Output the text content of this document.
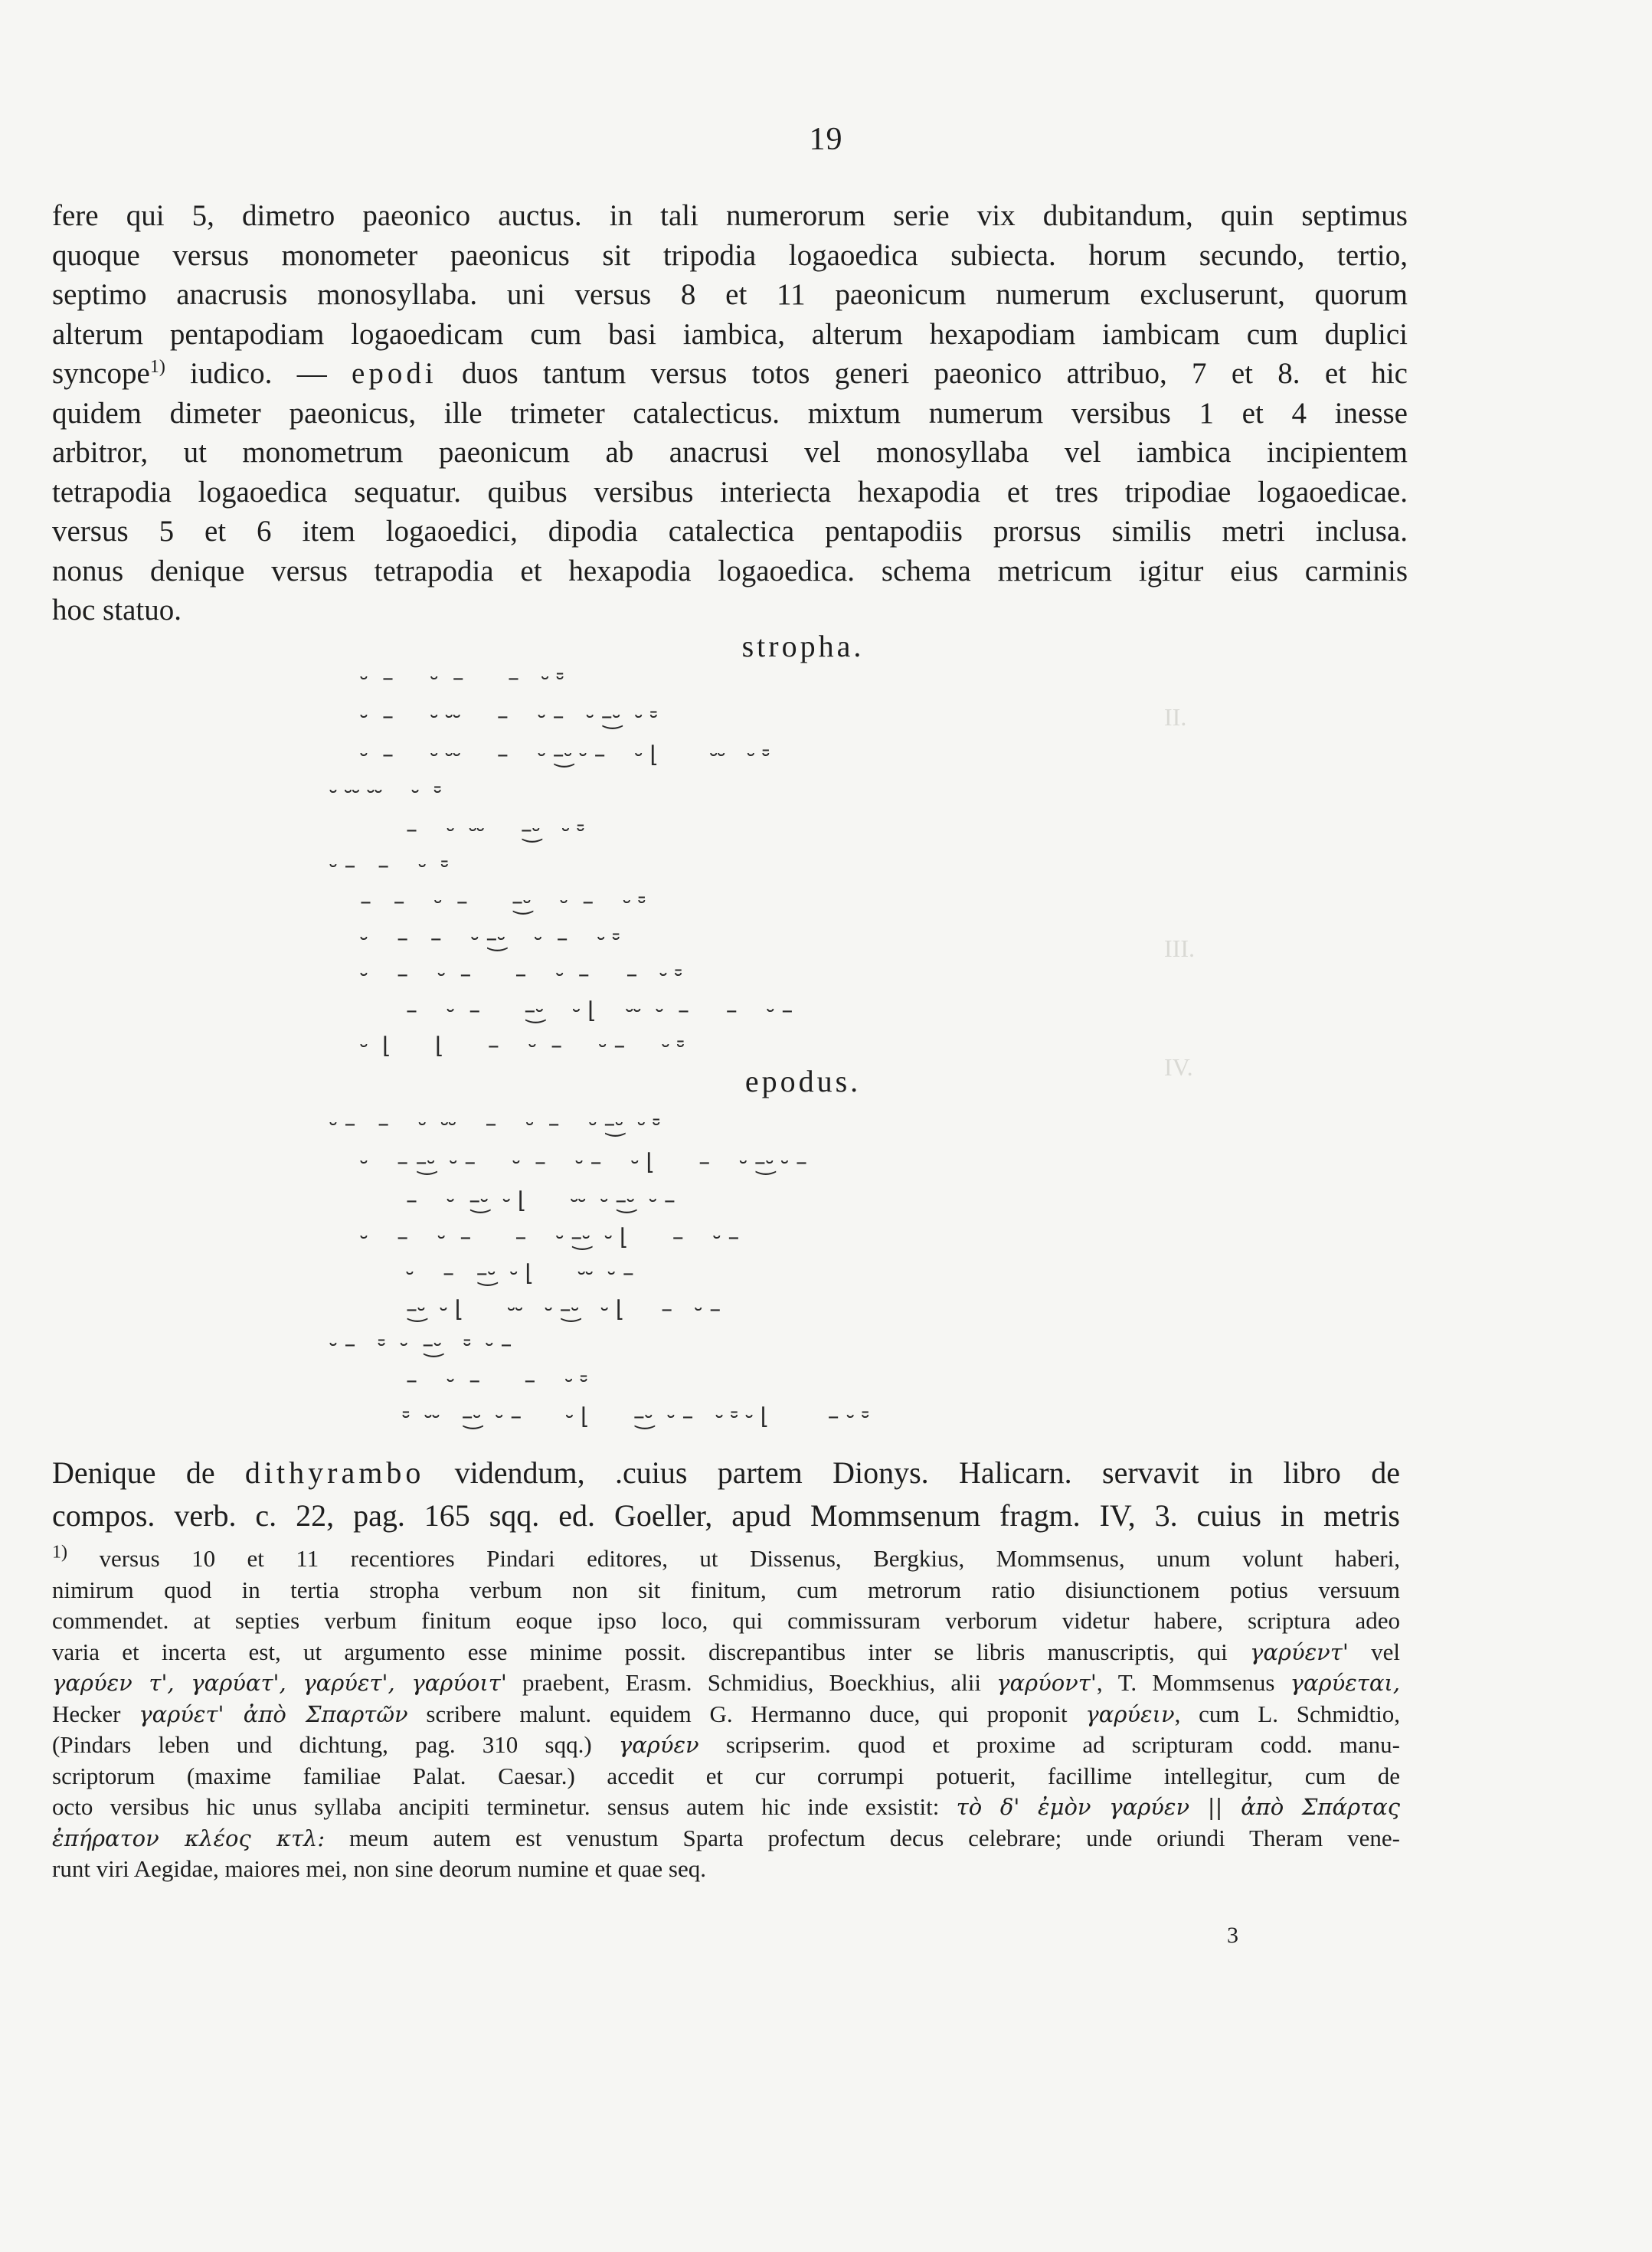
19
fere qui 5, dimetro paeonico auctus. in tali numerorum serie vix dubitandum, quin septimus
quoque versus monometer paeonicus sit tripodia logaoedica subiecta. horum secundo, tertio,
septimo anacrusis monosyllaba. uni versus 8 et 11 paeonicum numerum excluserunt, quorum
alterum pentapodiam logaoedicam cum basi iambica, alterum hexapodiam iambicam cum duplici
syncope$^{1)}$ iudico. — epodi duos tantum versus totos generi paeonico attribuo, 7 et 8. et hic
quidem dimeter paeonicus, ille trimeter catalecticus. mixtum numerum versibus 1 et 4 inesse
arbitror, ut monometrum paeonicum ab anacrusi vel monosyllaba vel iambica incipientem
tetrapodia logaoedica sequatur. quibus versibus interiecta hexapodia et tres tripodiae logaoedicae.
versus 5 et 6 item logaoedici, dipodia catalectica pentapodiis prorsus similis metri inclusa.
nonus denique versus tetrapodia et hexapodia logaoedica. schema metricum igitur eius carminis
hoc statuo.
stropha.
⏑  –     ⏑  –      –   ⏑ ⏒
⏑  –     ⏑ ⏑⏑     –    ⏑ –   ⏑ –͜⏑  ⏑ ⏒
⏑  –     ⏑ ⏑⏑     –    ⏑ –͜⏑ ⏑ –    ⏑ ⌊       ⏑⏑   ⏑ ⏒
⏑ ⏑⏑ ⏑⏑    ⏑  ⏒
–    ⏑  ⏑⏑     –͜⏑   ⏑ ⏒
⏑ –   –    ⏑  ⏒
–   –    ⏑  –      –͜⏑    ⏑  –    ⏑ ⏒
⏑    –   –    ⏑ –͜⏑    ⏑  –    ⏑ ⏒
⏑    –    ⏑  –      –    ⏑  –     –   ⏑ ⏒
–    ⏑  –      –͜⏑    ⏑ ⌊    ⏑⏑  ⏑  –     –    ⏑ –
⏑  ⌊      ⌊      –    ⏑  –     ⏑ –     ⏑ ⏒
⏑ –   –    ⏑  ⏑⏑    –    ⏑  –    ⏑ –͜⏑  ⏑ ⏒
⏑    – –͜⏑  ⏑ –     ⏑  –    ⏑ –    ⏑ ⌊      –    ⏑ –͜⏑ ⏑ –
–    ⏑  –͜⏑  ⏑ ⌊      ⏑⏑  ⏑ –͜⏑  ⏑ –
⏑    –    ⏑  –      –    ⏑ –͜⏑  ⏑ ⌊      –    ⏑ –
⏑    –   –͜⏑  ⏑ ⌊      ⏑⏑  ⏑ –
–͜⏑  ⏑ ⌊      ⏑⏑   ⏑ –͜⏑   ⏑ ⌊     –   ⏑ –
⏑ –   ⏒  ⏑  –͜⏑   ⏒  ⏑ –
–    ⏑  –      –    ⏑ ⏒
⏒  ⏑⏑   –͜⏑  ⏑ –      ⏑ ⌊      –͜⏑  ⏑ –   ⏑ ⏒ ⏑ ⌊        – ⏑ ⏒
epodus.
II.
III.
IV.
Denique de dithyrambo videndum, .cuius partem Dionys. Halicarn. servavit in libro de
compos. verb. c. 22, pag. 165 sqq. ed. Goeller, apud Mommsenum fragm. IV, 3. cuius in metris
$^{1)}$ versus 10 et 11 recentiores Pindari editores, ut Dissenus, Bergkius, Mommsenus, unum volunt haberi,
nimirum quod in tertia stropha verbum non sit finitum, cum metrorum ratio disiunctionem potius versuum
commendet. at septies verbum finitum eoque ipso loco, qui commissuram verborum videtur habere, scriptura adeo
varia et incerta est, ut argumento esse minime possit. discrepantibus inter se libris manuscriptis, qui γαρύεντ' vel
γαρύεν τ', γαρύατ', γαρύετ', γαρύοιτ' praebent, Erasm. Schmidius, Boeckhius, alii γαρύοντ', T. Mommsenus γαρύεται,
Hecker γαρύετ' ἀπὸ Σπαρτῶν scribere malunt. equidem G. Hermanno duce, qui proponit γαρύειν, cum L. Schmidtio,
(Pindars leben und dichtung, pag. 310 sqq.) γαρύεν scripserim. quod et proxime ad scripturam codd. manu-
scriptorum (maxime familiae Palat. Caesar.) accedit et cur corrumpi potuerit, facillime intellegitur, cum de
octo versibus hic unus syllaba ancipiti terminetur. sensus autem hic inde exsistit: τὸ δ' ἐμὸν γαρύεν || ἀπὸ Σπάρτας
ἐπήρατον κλέος κτλ: meum autem est venustum Sparta profectum decus celebrare; unde oriundi Theram vene-
runt viri Aegidae, maiores mei, non sine deorum numine et quae seq.
3
